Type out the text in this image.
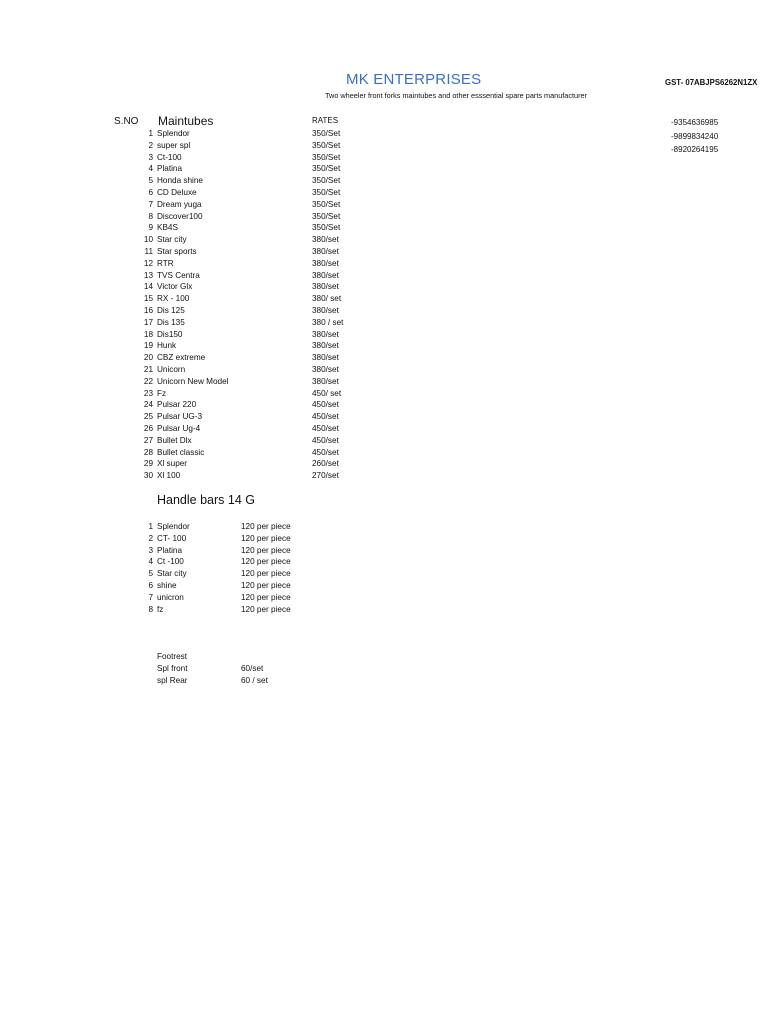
MK ENTERPRISES
Two wheeler front forks maintubes and other esssential spare parts manufacturer
GST- 07ABJPS6262N1ZX
S.NO Maintubes	RATES	-9354636985
-9899834240
-8920264195
1 Splendor	350/Set
2 super spl	350/Set
3 Ct-100	350/Set
4 Platina	350/Set
5 Honda shine	350/Set
6 CD Deluxe	350/Set
7 Dream yuga	350/Set
8 Discover100	350/Set
9 KB4S	350/Set
10 Star city	380/set
11 Star sports	380/set
12 RTR	380/set
13 TVS Centra	380/set
14 Victor Glx	380/set
15 RX - 100	380/ set
16 Dis 125	380/set
17 Dis 135	380 / set
18 Dis150	380/set
19 Hunk	380/set
20 CBZ extreme	380/set
21 Unicorn	380/set
22 Unicorn New Model	380/set
23 Fz	450/ set
24 Pulsar 220	450/set
25 Pulsar UG-3	450/set
26 Pulsar Ug-4	450/set
27 Bullet Dlx	450/set
28 Bullet classic	450/set
29 Xl super	260/set
30 Xl 100	270/set
Handle bars 14 G
1 Splendor	120 per piece
2 CT- 100	120 per piece
3 Platina	120 per piece
4 Ct -100	120 per piece
5 Star city	120 per piece
6 shine	120 per piece
7 unicron	120 per piece
8 fz	120 per piece
Footrest
Spl front	60/set
spl Rear	60 / set
